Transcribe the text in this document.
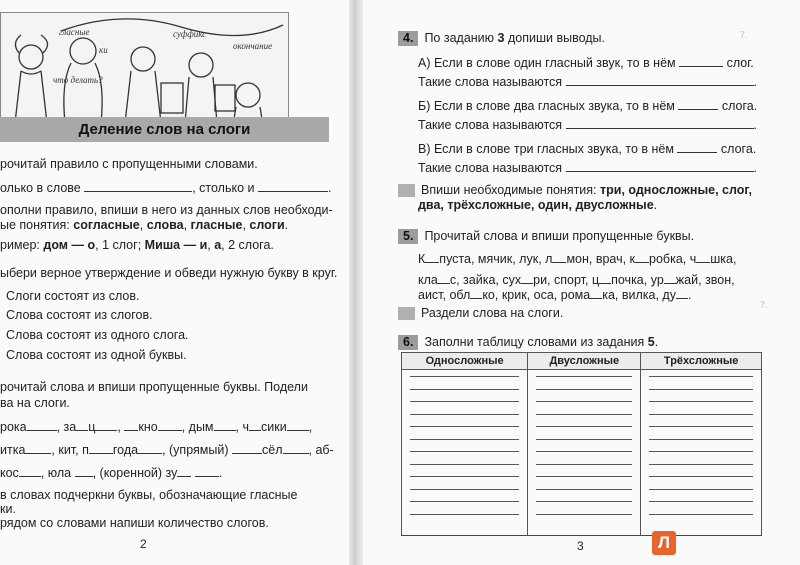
гласные	суффикс
окончание
что делать?
ки
Деление слов на слоги
рочитай правило с пропущенными словами.
олько в слове	, столько и	.
ополни правило, впиши в него из данных слов необходи-
ые понятия: согласные, слова, гласные, слоги.
ример: дом — о, 1 слог; Миша — и, а, 2 слога.
ыбери верное утверждение и обведи нужную букву в круг.
Слоги состоят из слов.
Слова состоят из слогов.
Слова состоят из одного слога.
Слова состоят из одной буквы.
рочитай слова и впиши пропущенные буквы. Подели
ва на слоги.
рока , за ц , кно , дым , ч сики ,
итка , кит, п года , (упрямый)	сёл , аб-
кос , юла , (коренной) зу	.
в словах подчеркни буквы, обозначающие гласные
ки.
рядом со словами напиши количество слогов.
2
7.
7.
4. По заданию 3 допиши выводы.
А) Если в слове один гласный звук, то в нём	слог.
Такие слова называются	.
Б) Если в слове два гласных звука, то в нём	слога.
Такие слова называются	.
В) Если в слове три гласных звука, то в нём	слога.
Такие слова называются	.
Впиши необходимые понятия: три, односложные, слог,
два, трёхсложные, один, двусложные.
5. Прочитай слова и впиши пропущенные буквы.
К пуста, мячик, лук, л мон, врач, к робка, ч шка,
кла с, зайка, сух ри, спорт, ц почка, ур жай, звон,
аист, обл ко, крик, оса, рома ка, вилка, ду .
Раздели слова на слоги.
6. Заполни таблицу словами из задания 5.
Односложные	Двусложные	Трёхсложные

3	Л
